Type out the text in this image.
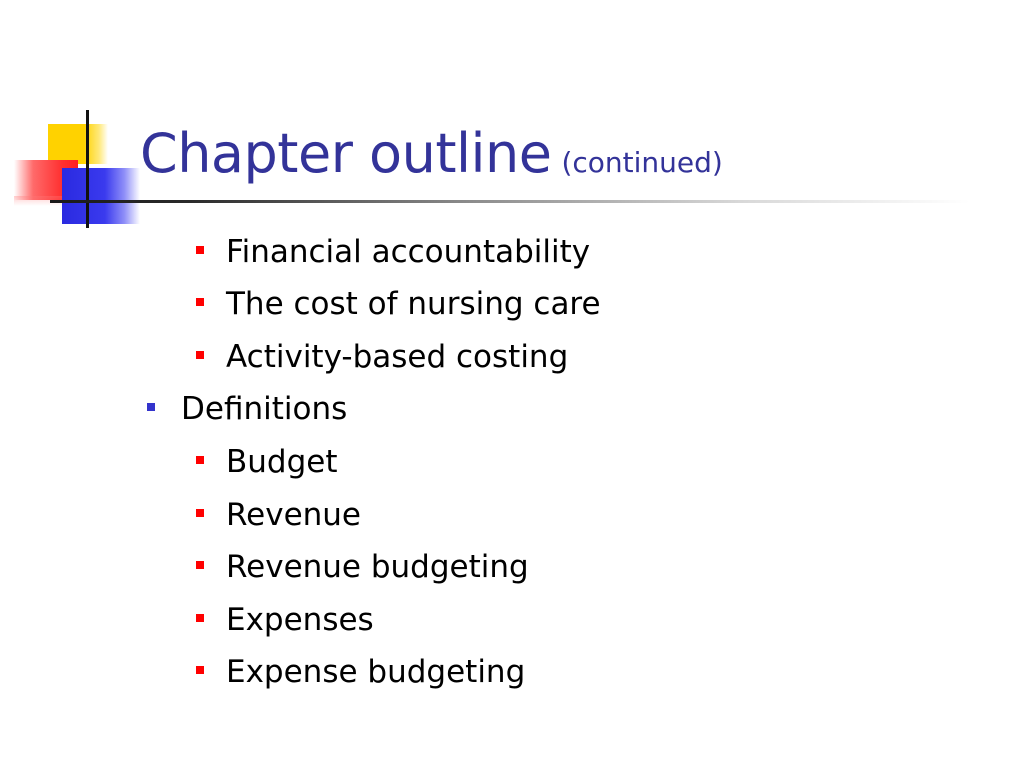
Chapter outline (continued)
Financial accountability
The cost of nursing care
Activity-based costing
Definitions
Budget
Revenue
Revenue budgeting
Expenses
Expense budgeting
